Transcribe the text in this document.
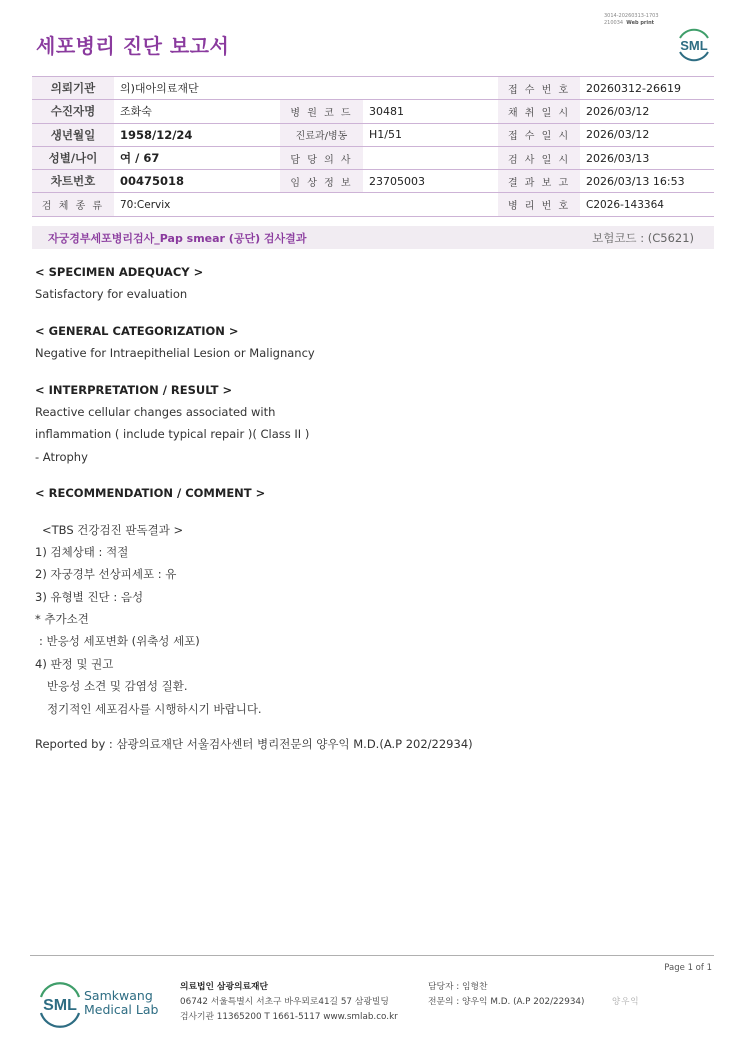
3014-20260313-1703
210034 Web print
세포병리 진단 보고서	SML
의뢰기관	의)대아의료재단			접 수 번 호	20260312-26619
수진자명	조화숙	병 원 코 드	30481	채 취 일 시	2026/03/12
생년월일	1958/12/24	진료과/병동	H1/51	접 수 일 시	2026/03/12
성별/나이	여 / 67	담 당 의 사		검 사 일 시	2026/03/13
차트번호	00475018	임 상 정 보	23705003	결 과 보 고	2026/03/13 16:53
검 체 종 류	70:Cervix			병 리 번 호	C2026-143364
자궁경부세포병리검사_Pap smear (공단) 검사결과	보험코드 : (C5621)
< SPECIMEN ADEQUACY >
Satisfactory for evaluation
< GENERAL CATEGORIZATION >
Negative for Intraepithelial Lesion or Malignancy
< INTERPRETATION / RESULT >
Reactive cellular changes associated with
inflammation ( include typical repair )( Class II )
- Atrophy
< RECOMMENDATION / COMMENT >
<TBS 건강검진 판독결과 >
1) 검체상태 : 적절
2) 자궁경부 선상피세포 : 유
3) 유형별 진단 : 음성
* 추가소견
: 반응성 세포변화 (위축성 세포)
4) 판정 및 권고
반응성 소견 및 감염성 질환.
정기적인 세포검사를 시행하시기 바랍니다.
Reported by : 삼광의료재단 서울검사센터 병리전문의 양우익 M.D.(A.P 202/22934)
Page 1 of 1
SML
Samkwang
Medical Lab
의료법인 삼광의료재단
06742 서울특별시 서초구 바우뫼로41길 57 삼광빌딩
검사기관 11365200 T 1661-5117 www.smlab.co.kr
담당자 : 임형찬
전문의 : 양우익 M.D. (A.P 202/22934)	양우익
